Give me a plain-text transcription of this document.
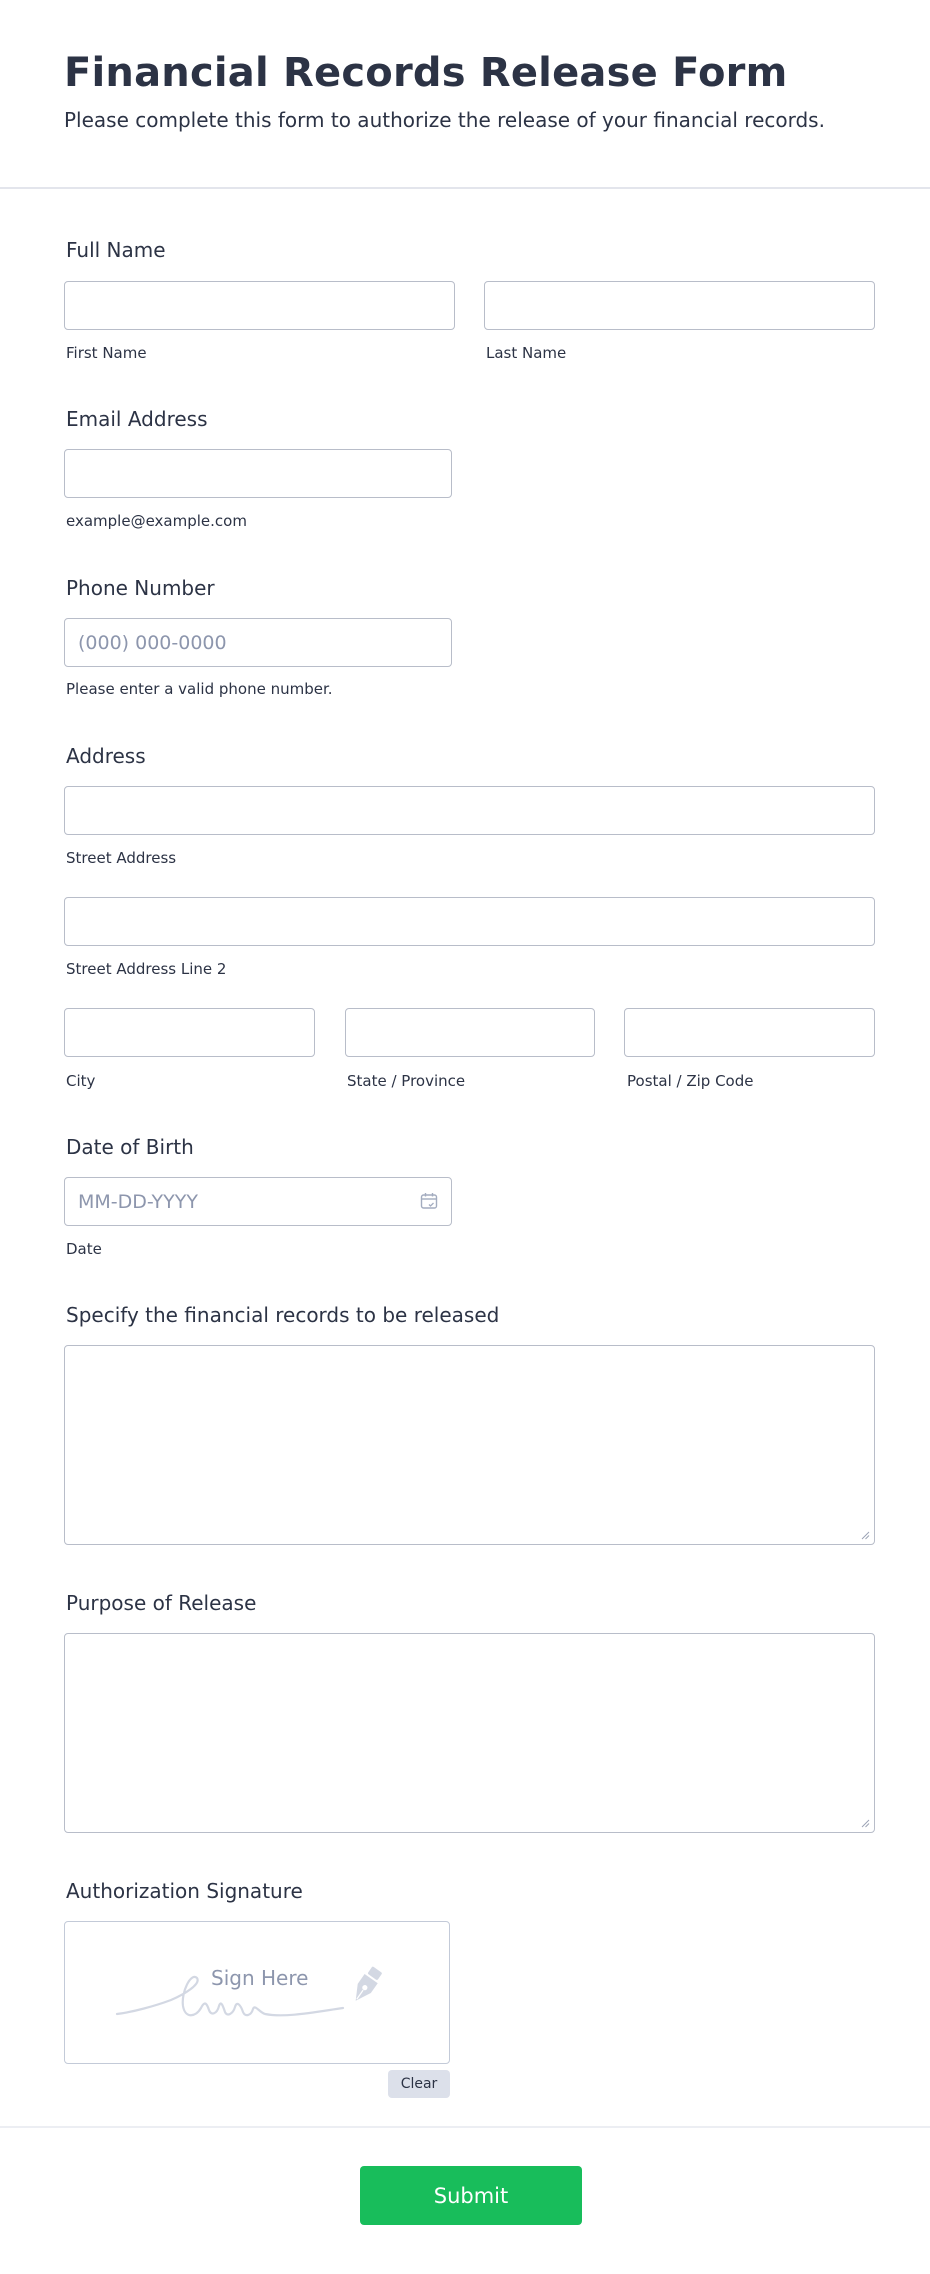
Financial Records Release Form
Please complete this form to authorize the release of your financial records.
Full Name
First Name	Last Name
Email Address
example@example.com
Phone Number
(000) 000-0000
Please enter a valid phone number.
Address
Street Address
Street Address Line 2
City	State / Province	Postal / Zip Code
Date of Birth
MM-DD-YYYY
Date
Specify the financial records to be released
Purpose of Release
Authorization Signature
Sign Here
Clear
Submit
